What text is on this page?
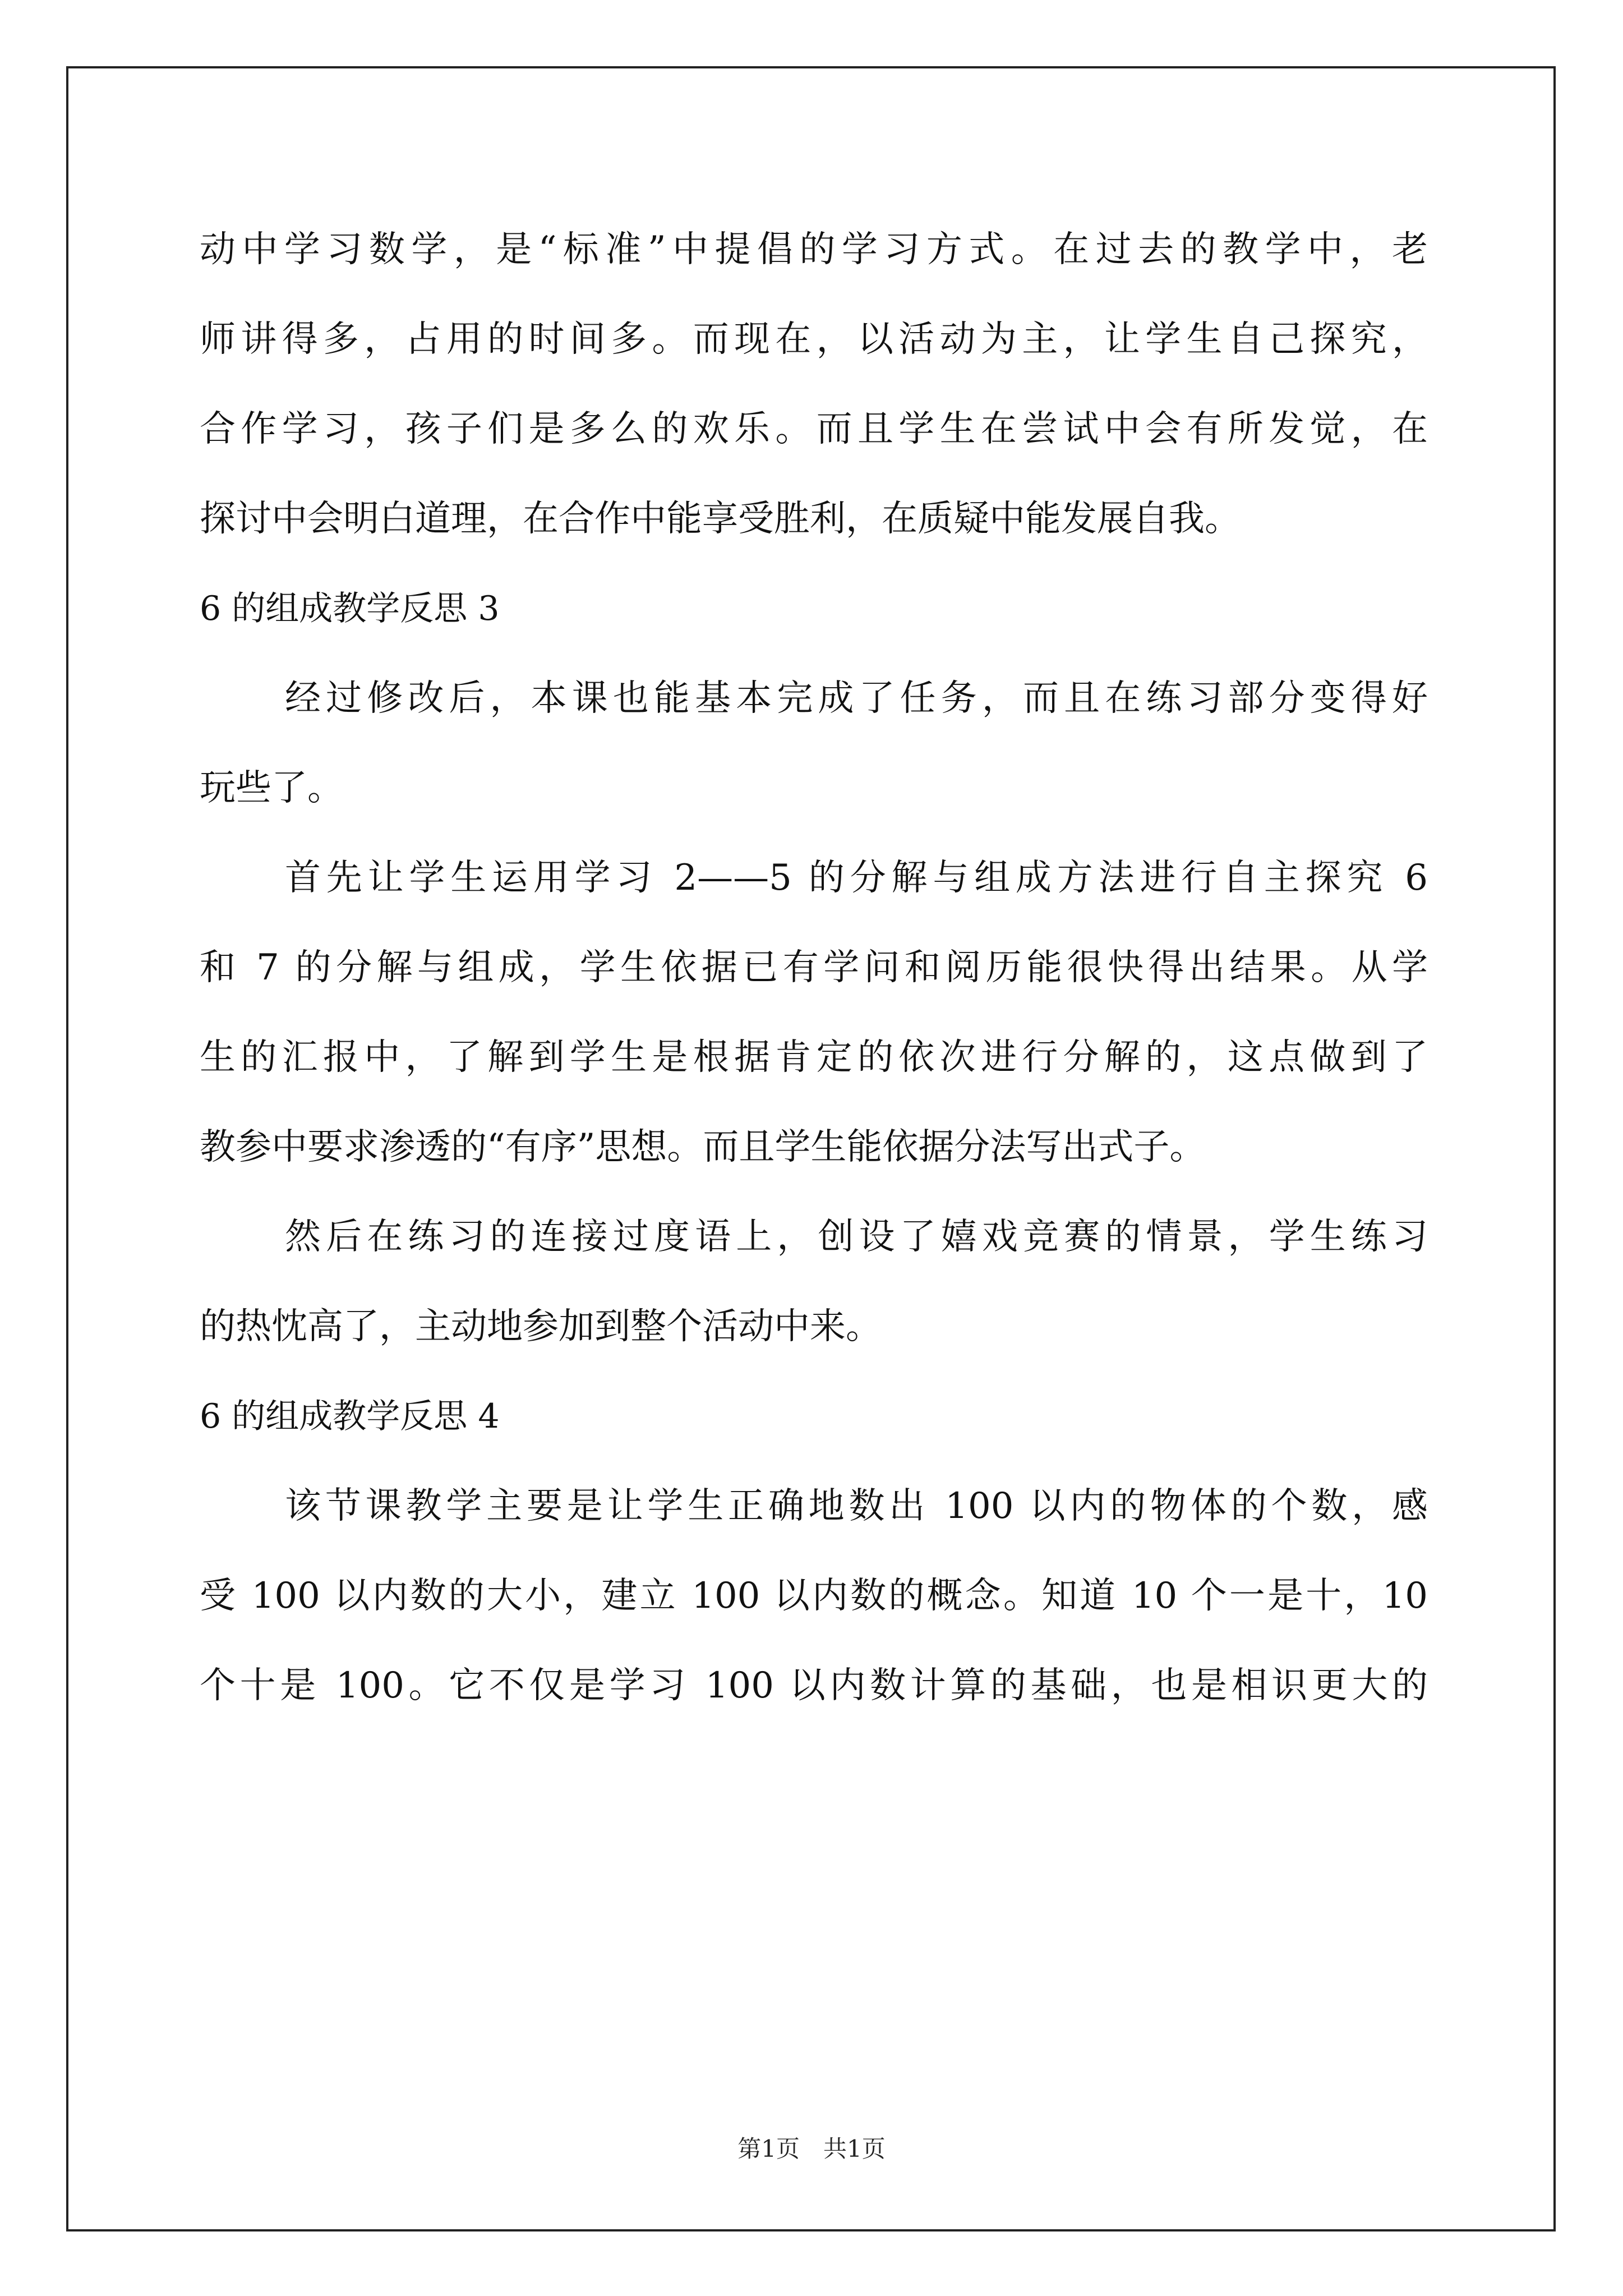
动中学习数学，是“标准”中提倡的学习方式。在过去的教学中，老
师讲得多，占用的时间多。而现在，以活动为主，让学生自己探究，
合作学习，孩子们是多么的欢乐。而且学生在尝试中会有所发觉，在
探讨中会明白道理，在合作中能享受胜利，在质疑中能发展自我。
6 的组成教学反思 3
经过修改后，本课也能基本完成了任务，而且在练习部分变得好
玩些了。
首先让学生运用学习 2——5 的分解与组成方法进行自主探究 6
和 7 的分解与组成，学生依据已有学问和阅历能很快得出结果。从学
生的汇报中，了解到学生是根据肯定的依次进行分解的，这点做到了
教参中要求渗透的“有序”思想。而且学生能依据分法写出式子。
然后在练习的连接过度语上，创设了嬉戏竞赛的情景，学生练习
的热忱高了，主动地参加到整个活动中来。
6 的组成教学反思 4
该节课教学主要是让学生正确地数出 100 以内的物体的个数，感
受 100 以内数的大小，建立 100 以内数的概念。知道 10 个一是十，10
个十是 100。它不仅是学习 100 以内数计算的基础，也是相识更大的
第1页　共1页
